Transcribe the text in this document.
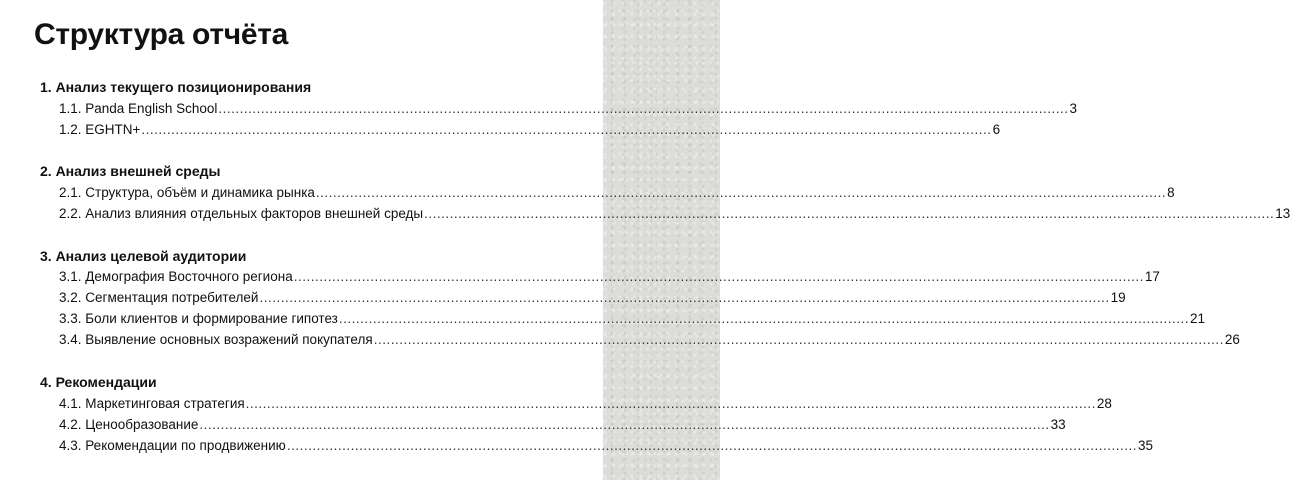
Структура отчёта
1. Анализ текущего позиционирования
1.1. Panda English School ........................................................................................................................................................................................................ 3
1.2. EGHTN+ ........................................................................................................................................................................................................ 6
2. Анализ внешней среды
2.1. Структура, объём и динамика рынка ........................................................................................................................................................................................................ 8
2.2. Анализ влияния отдельных факторов внешней среды ........................................................................................................................................................................................................ 13
3. Анализ целевой аудитории
3.1. Демография Восточного региона ........................................................................................................................................................................................................ 17
3.2. Сегментация потребителей ........................................................................................................................................................................................................ 19
3.3. Боли клиентов и формирование гипотез ........................................................................................................................................................................................................ 21
3.4. Выявление основных возражений покупателя ........................................................................................................................................................................................................ 26
4. Рекомендации
4.1. Маркетинговая стратегия ........................................................................................................................................................................................................ 28
4.2. Ценообразование ........................................................................................................................................................................................................ 33
4.3. Рекомендации по продвижению ........................................................................................................................................................................................................ 35
